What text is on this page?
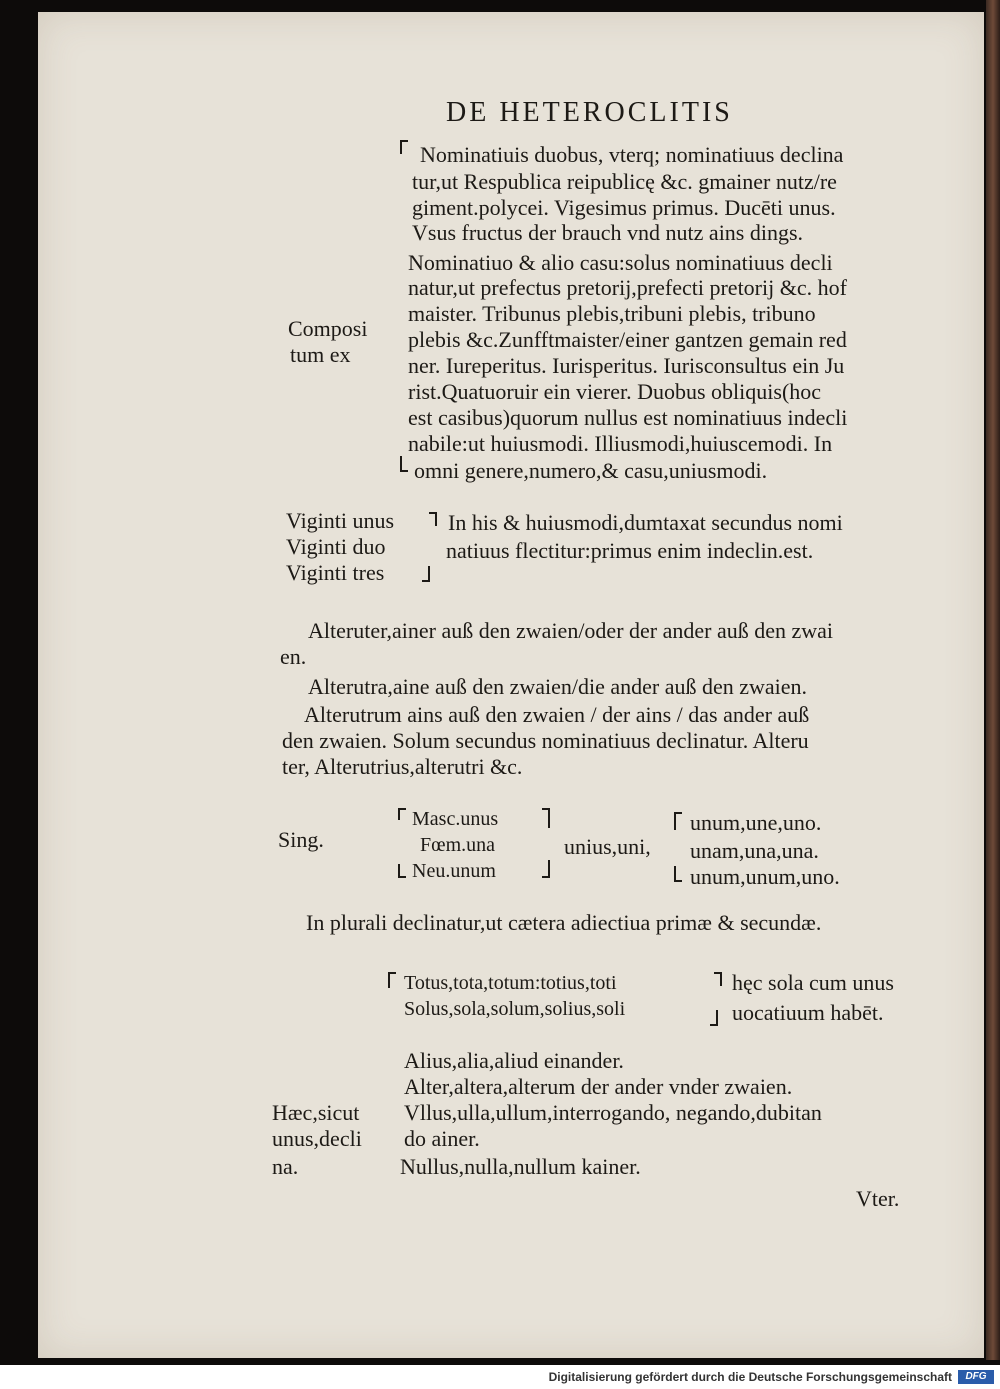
DE HETEROCLITIS
Nominatiuis duobus, vterq; nominatiuus declina
tur,ut Respublica reipublicę &c. gmainer nutz/re
giment.polycei. Vigesimus primus. Ducēti unus.
Vsus fructus der brauch vnd nutz ains dings.
Nominatiuo & alio casu:solus nominatiuus decli
natur,ut prefectus pretorij,prefecti pretorij &c. hof
maister. Tribunus plebis,tribuni plebis, tribuno
plebis &c.Zunfftmaister/einer gantzen gemain red
ner. Iureperitus. Iurisperitus. Iurisconsultus ein Ju
rist.Quatuoruir ein vierer. Duobus obliquis(hoc
est casibus)quorum nullus est nominatiuus indecli
nabile:ut huiusmodi. Illiusmodi,huiuscemodi. In
omni genere,numero,& casu,uniusmodi.
Composi
tum ex
Viginti unus
Viginti duo
Viginti tres
In his & huiusmodi,dumtaxat secundus nomi
natiuus flectitur:primus enim indeclin.est.
Alteruter,ainer auß den zwaien/oder der ander auß den zwai
en.
Alterutra,aine auß den zwaien/die ander auß den zwaien.
Alterutrum ains auß den zwaien / der ains / das ander auß
den zwaien. Solum secundus nominatiuus declinatur. Alteru
ter, Alterutrius,alterutri &c.
Sing.
Masc.unus
Fœm.una
Neu.unum
unius,uni,
unum,une,uno.
unam,una,una.
unum,unum,uno.
In plurali declinatur,ut cætera adiectiua primæ & secundæ.
Totus,tota,totum:totius,toti
Solus,sola,solum,solius,soli
hęc sola cum unus
uocatiuum habēt.
Alius,alia,aliud einander.
Alter,altera,alterum der ander vnder zwaien.
Vllus,ulla,ullum,interrogando, negando,dubitan
do ainer.
Nullus,nulla,nullum kainer.
Hæc,sicut
unus,decli
na.
Vter.
Digitalisierung gefördert durch die Deutsche Forschungsgemeinschaft	DFG
